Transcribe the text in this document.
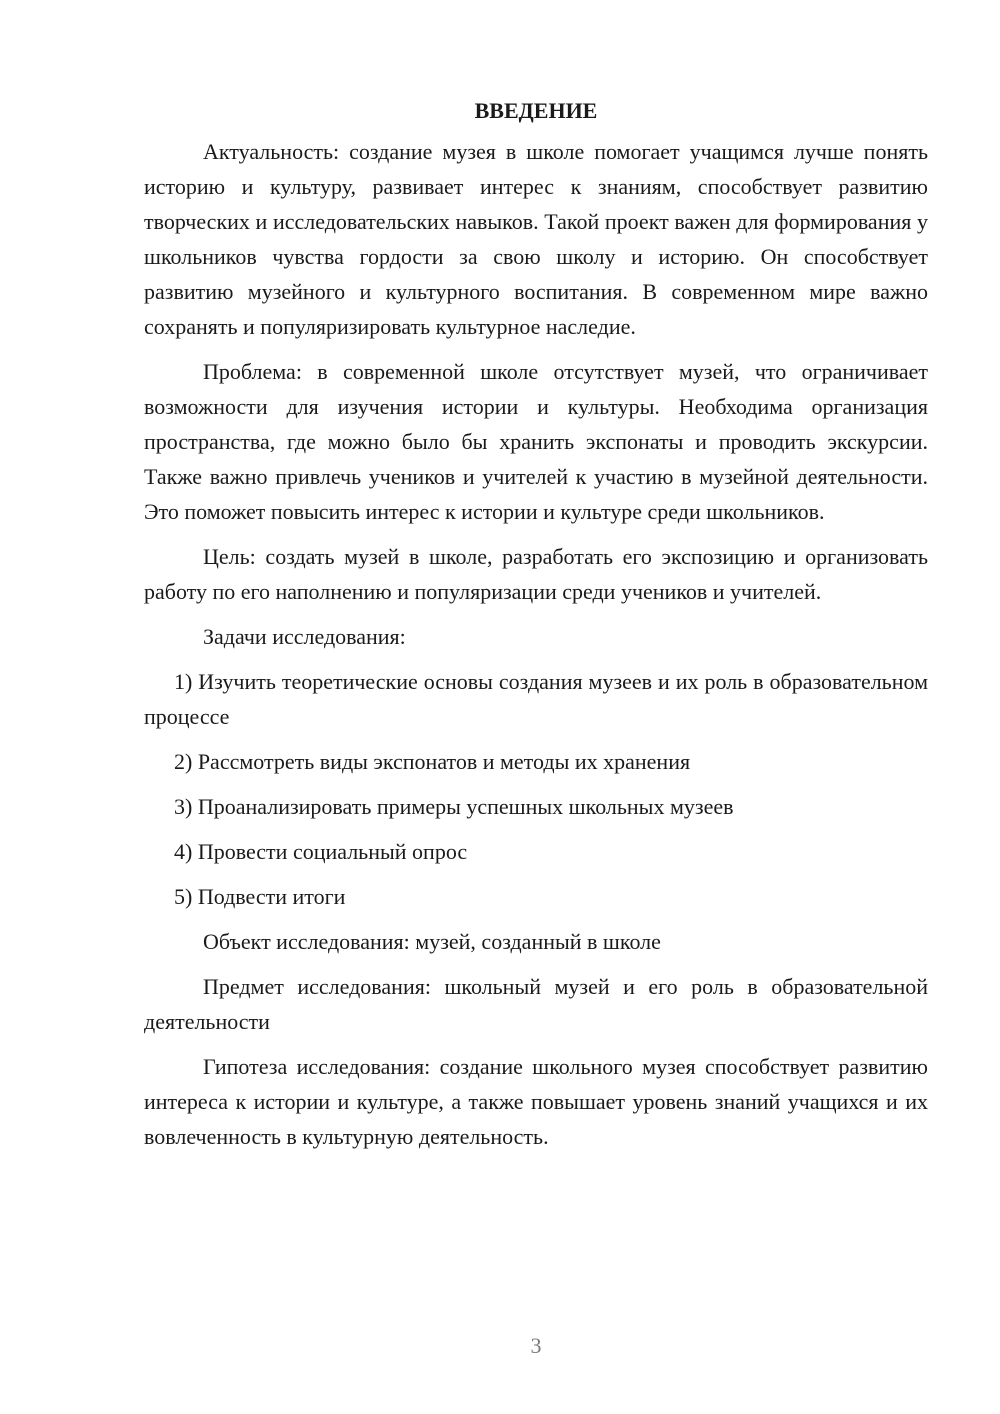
ВВЕДЕНИЕ

Актуальность: создание музея в школе помогает учащимся лучше понять историю и культуру, развивает интерес к знаниям, способствует развитию творческих и исследовательских навыков. Такой проект важен для формирования у школьников чувства гордости за свою школу и историю. Он способствует развитию музейного и культурного воспитания. В современном мире важно сохранять и популяризировать культурное наследие.

Проблема: в современной школе отсутствует музей, что ограничивает возможности для изучения истории и культуры. Необходима организация пространства, где можно было бы хранить экспонаты и проводить экскурсии. Также важно привлечь учеников и учителей к участию в музейной деятельности. Это поможет повысить интерес к истории и культуре среди школьников.

Цель: создать музей в школе, разработать его экспозицию и организовать работу по его наполнению и популяризации среди учеников и учителей.

Задачи исследования:

1) Изучить теоретические основы создания музеев и их роль в образовательном процессе

2) Рассмотреть виды экспонатов и методы их хранения

3) Проанализировать примеры успешных школьных музеев

4) Провести социальный опрос

5) Подвести итоги

Объект исследования: музей, созданный в школе

Предмет исследования: школьный музей и его роль в образовательной деятельности

Гипотеза исследования: создание школьного музея способствует развитию интереса к истории и культуре, а также повышает уровень знаний учащихся и их вовлеченность в культурную деятельность.

3
